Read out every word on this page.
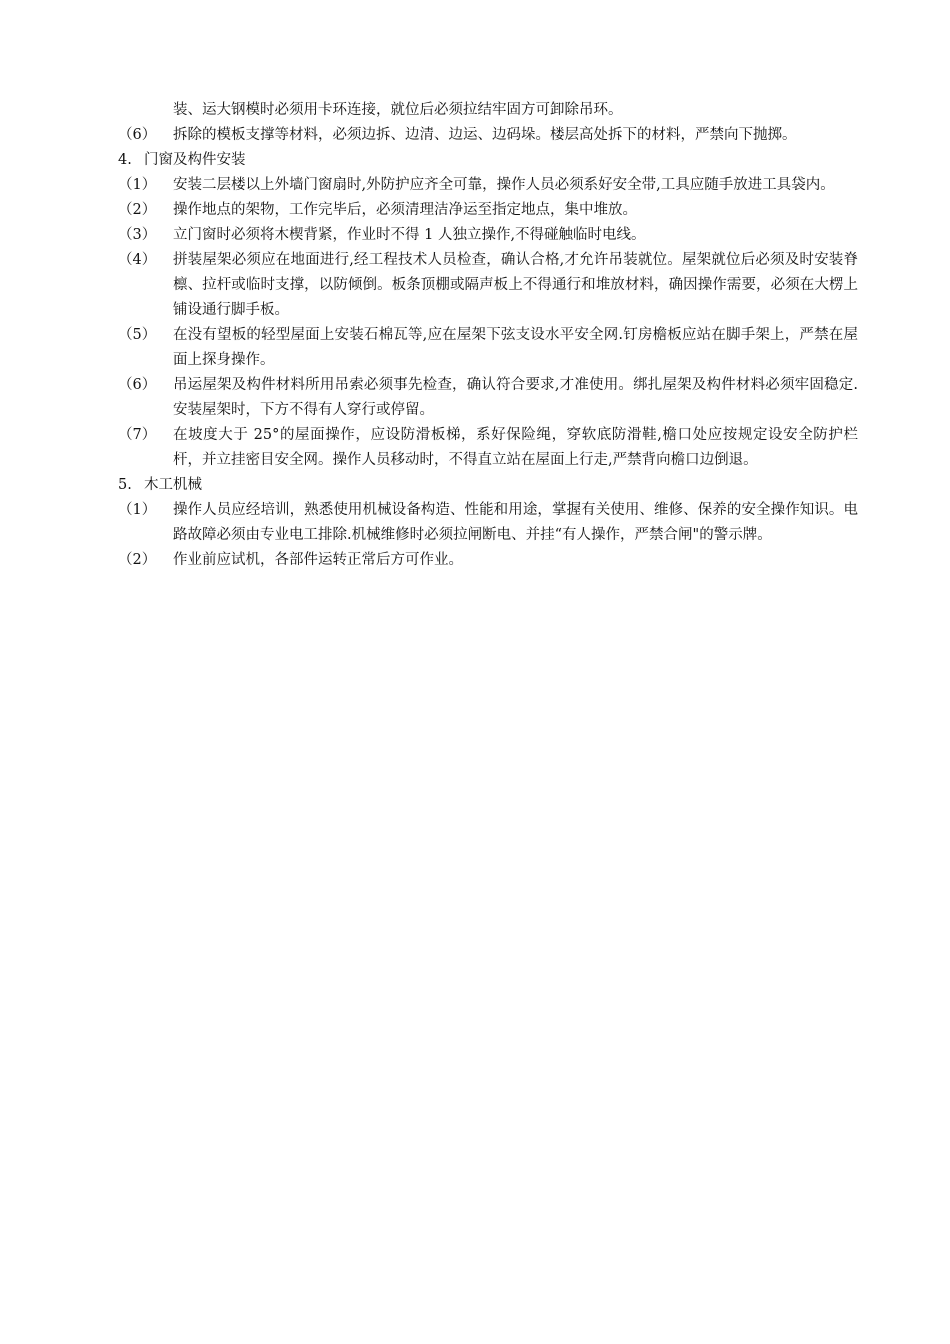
装、运大钢模时必须用卡环连接，就位后必须拉结牢固方可卸除吊环。
（6）	拆除的模板支撑等材料，必须边拆、边清、边运、边码垛。楼层高处拆下的材料，严禁向下抛掷。
4. 门窗及构件安装
（1）	安装二层楼以上外墙门窗扇时,外防护应齐全可靠，操作人员必须系好安全带,工具应随手放进工具袋内。
（2）	操作地点的架物，工作完毕后，必须清理洁净运至指定地点，集中堆放。
（3）	立门窗时必须将木楔背紧，作业时不得 1 人独立操作,不得碰触临时电线。
（4）	拼装屋架必须应在地面进行,经工程技术人员检查，确认合格,才允许吊装就位。屋架就位后必须及时安装脊檩、拉杆或临时支撑，以防倾倒。板条顶棚或隔声板上不得通行和堆放材料，确因操作需要，必须在大楞上铺设通行脚手板。
（5）	在没有望板的轻型屋面上安装石棉瓦等,应在屋架下弦支设水平安全网.钉房檐板应站在脚手架上，严禁在屋面上探身操作。
（6）	吊运屋架及构件材料所用吊索必须事先检查，确认符合要求,才准使用。绑扎屋架及构件材料必须牢固稳定.安装屋架时，下方不得有人穿行或停留。
（7）	在坡度大于 25°的屋面操作，应设防滑板梯，系好保险绳，穿软底防滑鞋,檐口处应按规定设安全防护栏杆，并立挂密目安全网。操作人员移动时，不得直立站在屋面上行走,严禁背向檐口边倒退。
5. 木工机械
（1）	操作人员应经培训，熟悉使用机械设备构造、性能和用途，掌握有关使用、维修、保养的安全操作知识。电路故障必须由专业电工排除.机械维修时必须拉闸断电、并挂“有人操作，严禁合闸"的警示牌。
（2）	作业前应试机，各部件运转正常后方可作业。
